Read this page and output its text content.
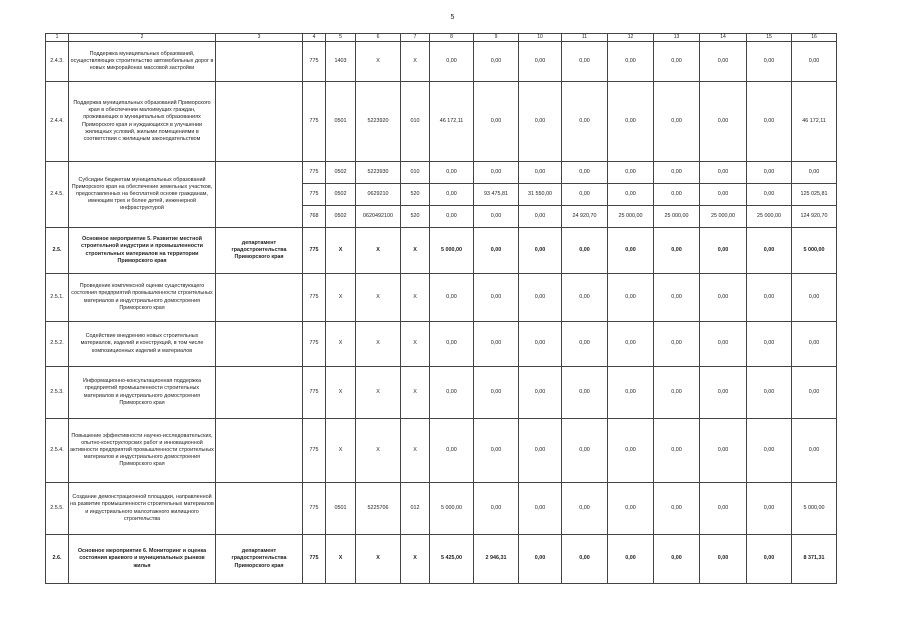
5
1	2	3	4	5	6	7	8	9	10	11	12	13	14	15	16
2.4.3.	Поддержка муниципальных образований, осуществляющих строительство автомобильных дорог в новых микрорайонах массовой застройки		775	1403	X	X	0,00	0,00	0,00	0,00	0,00	0,00	0,00	0,00	0,00
2.4.4.	Поддержка муниципальных образований Приморского края в обеспечении малоимущих граждан, проживающих в муниципальных образованиях Приморского края и нуждающихся в улучшении жилищных условий, жилыми помещениями в соответствии с жилищным законодательством		775	0501	5223920	010	46 172,11	0,00	0,00	0,00	0,00	0,00	0,00	0,00	46 172,11
2.4.5.	Субсидии бюджетам муниципальных образований Приморского края на обеспечение земельных участков, предоставленных на бесплатной основе гражданам, имеющим трех и более детей, инженерной инфраструктурой		775	0502	5223930	010	0,00	0,00	0,00	0,00	0,00	0,00	0,00	0,00	0,00
			775	0502	0629210	520	0,00	93 475,81	31 550,00	0,00	0,00	0,00	0,00	0,00	125 025,81
			768	0502	0620492100	520	0,00	0,00	0,00	24 920,70	25 000,00	25 000,00	25 000,00	25 000,00	124 920,70
2.5.	Основное мероприятие 5. Развитие местной строительной индустрии и промышленности строительных материалов на территории Приморского края	департамент градостроительства Приморского края	775	X	X	X	5 000,00	0,00	0,00	0,00	0,00	0,00	0,00	0,00	5 000,00
2.5.1.	Проведение комплексной оценки существующего состояния предприятий промышленности строительных материалов и индустриального домостроения Приморского края		775	X	X	X	0,00	0,00	0,00	0,00	0,00	0,00	0,00	0,00	0,00
2.5.2.	Содействие внедрению новых строительных материалов, изделий и конструкций, в том числе композиционных изделий и материалов		775	X	X	X	0,00	0,00	0,00	0,00	0,00	0,00	0,00	0,00	0,00
2.5.3.	Информационно-консультационная поддержка предприятий промышленности строительных материалов и индустриального домостроения Приморского края		775	X	X	X	0,00	0,00	0,00	0,00	0,00	0,00	0,00	0,00	0,00
2.5.4.	Повышение эффективности научно-исследовательских, опытно-конструкторских работ и инновационной активности предприятий промышленности строительных материалов и индустриального домостроения Приморского края		775	X	X	X	0,00	0,00	0,00	0,00	0,00	0,00	0,00	0,00	0,00
2.5.5.	Создание демонстрационной площадки, направленной на развитие промышленности строительных материалов и индустриального малоэтажного жилищного строительства		775	0501	5225706	012	5 000,00	0,00	0,00	0,00	0,00	0,00	0,00	0,00	5 000,00
2.6.	Основное мероприятие 6. Мониторинг и оценка состояния краевого и муниципальных рынков жилья	департамент градостроительства Приморского края	775	X	X	X	5 425,00	2 946,31	0,00	0,00	0,00	0,00	0,00	0,00	8 371,31
